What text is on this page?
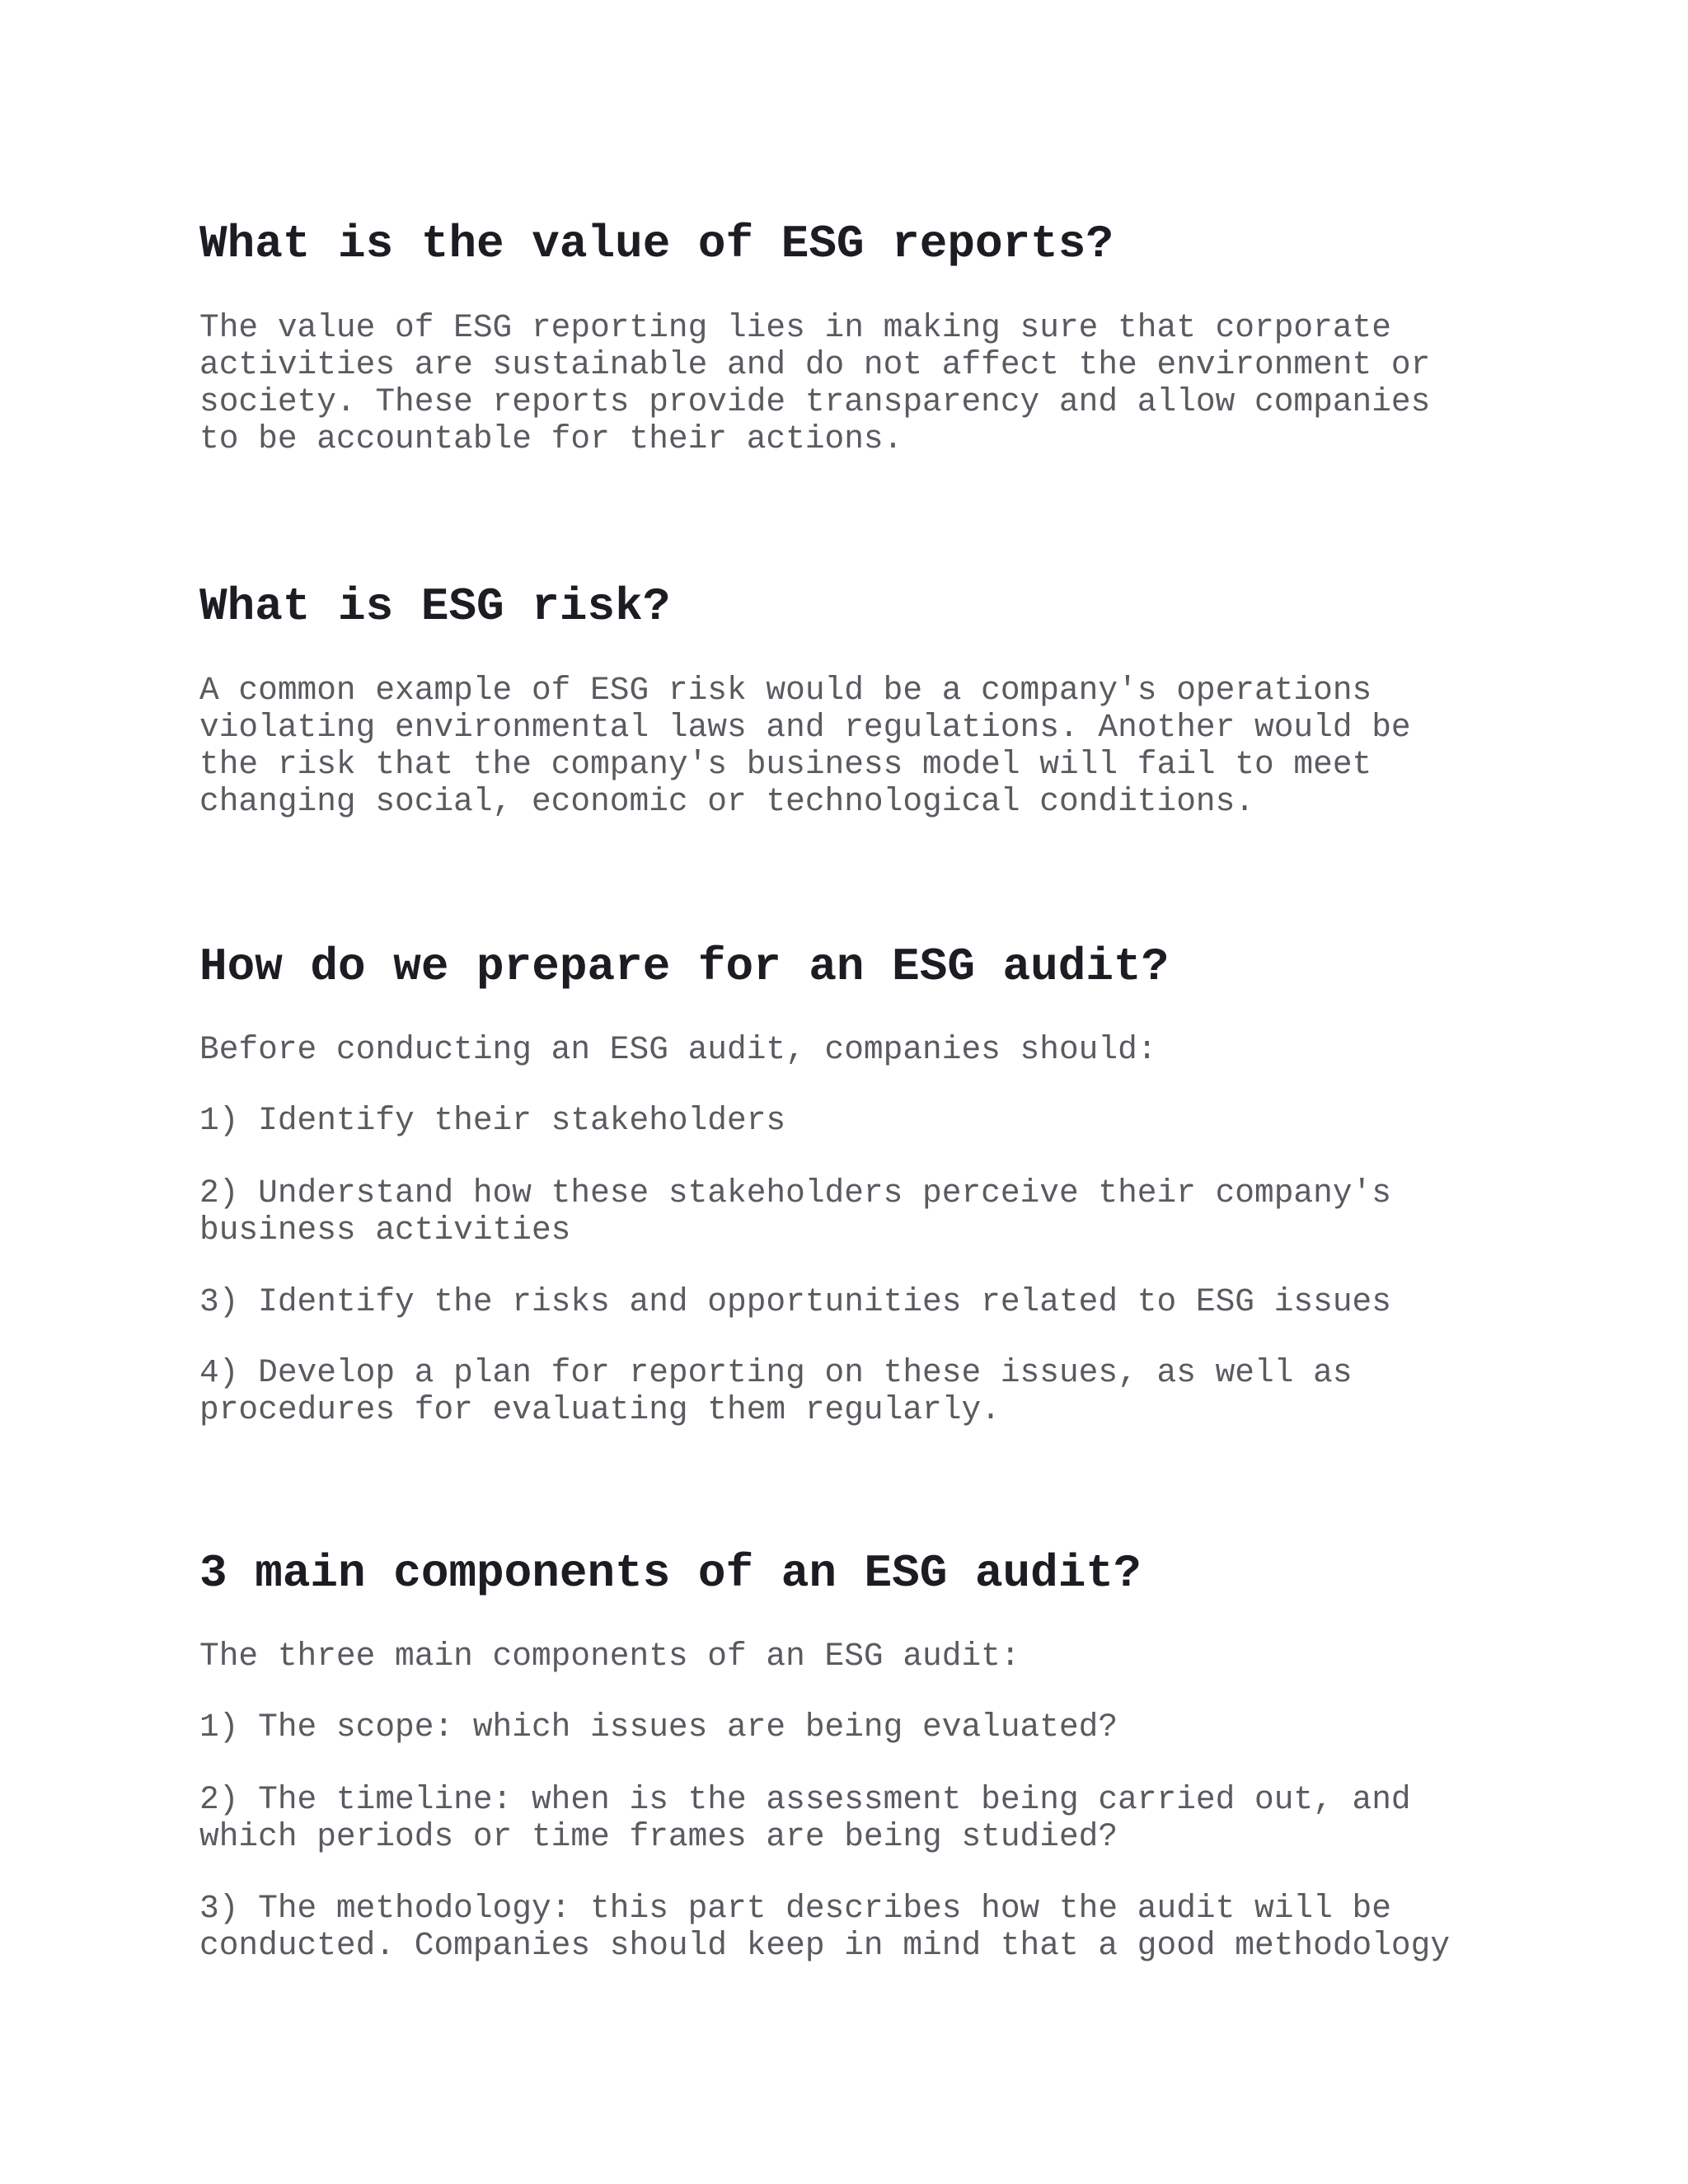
What is the value of ESG reports?

The value of ESG reporting lies in making sure that corporate
activities are sustainable and do not affect the environment or
society. These reports provide transparency and allow companies
to be accountable for their actions.

What is ESG risk?

A common example of ESG risk would be a company's operations
violating environmental laws and regulations. Another would be
the risk that the company's business model will fail to meet
changing social, economic or technological conditions.

How do we prepare for an ESG audit?

Before conducting an ESG audit, companies should:

1) Identify their stakeholders

2) Understand how these stakeholders perceive their company's
business activities

3) Identify the risks and opportunities related to ESG issues

4) Develop a plan for reporting on these issues, as well as
procedures for evaluating them regularly.

3 main components of an ESG audit?

The three main components of an ESG audit:

1) The scope: which issues are being evaluated?

2) The timeline: when is the assessment being carried out, and
which periods or time frames are being studied?

3) The methodology: this part describes how the audit will be
conducted. Companies should keep in mind that a good methodology
